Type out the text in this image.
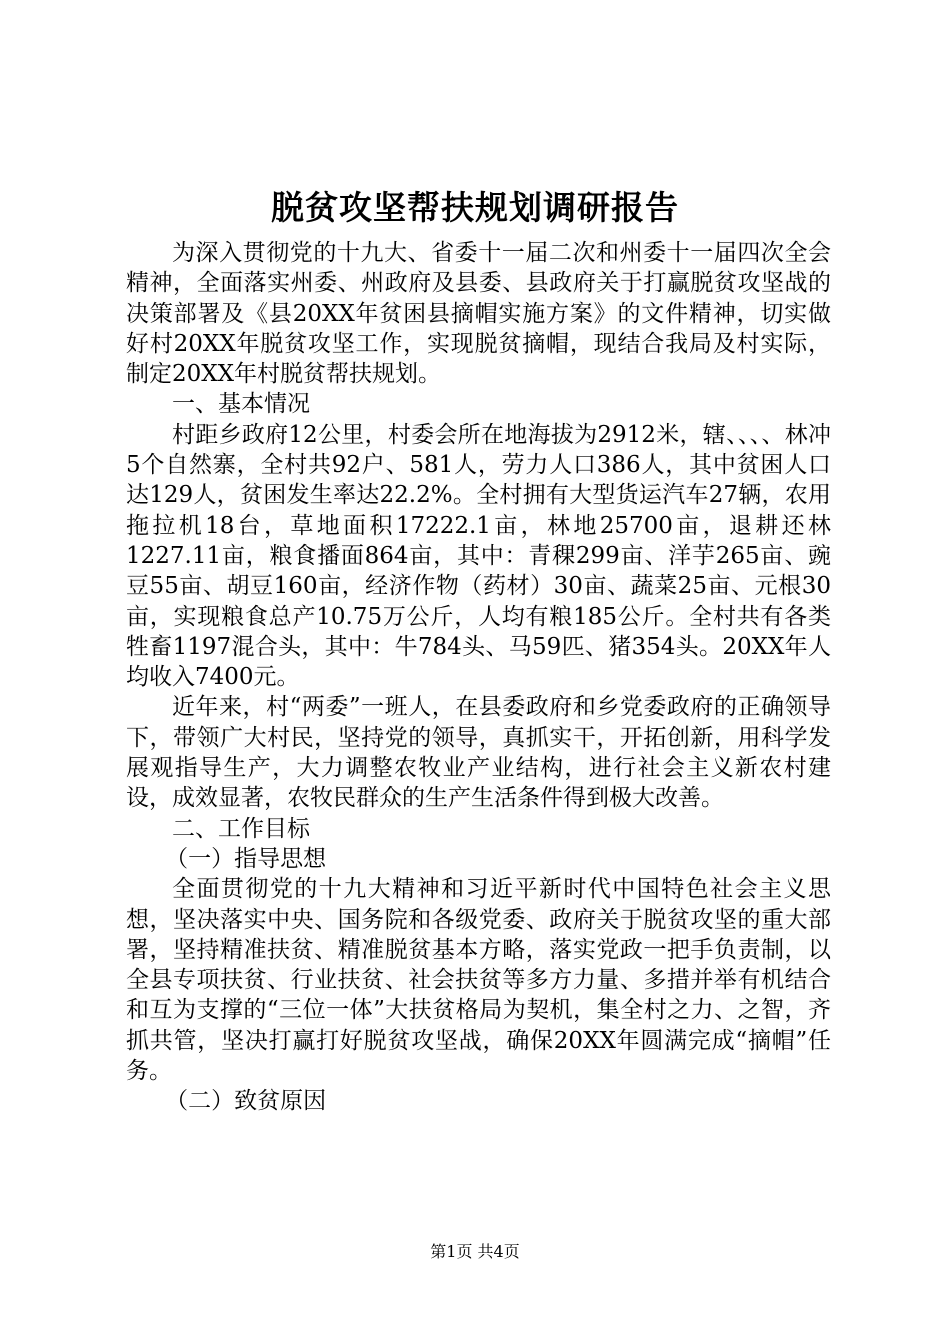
脱贫攻坚帮扶规划调研报告

为深入贯彻党的十九大、省委十一届二次和州委十一届四次全会精神，全面落实州委、州政府及县委、县政府关于打赢脱贫攻坚战的决策部署及《县20XX年贫困县摘帽实施方案》的文件精神，切实做好村20XX年脱贫攻坚工作，实现脱贫摘帽，现结合我局及村实际，制定20XX年村脱贫帮扶规划。

一、基本情况

村距乡政府12公里，村委会所在地海拔为2912米，辖、、、、林冲5个自然寨，全村共92户、581人，劳力人口386人，其中贫困人口达129人，贫困发生率达22.2%。全村拥有大型货运汽车27辆，农用拖拉机18台，草地面积17222.1亩，林地25700亩，退耕还林1227.11亩，粮食播面864亩，其中：青稞299亩、洋芋265亩、豌豆55亩、胡豆160亩，经济作物（药材）30亩、蔬菜25亩、元根30亩，实现粮食总产10.75万公斤，人均有粮185公斤。全村共有各类牲畜1197混合头，其中：牛784头、马59匹、猪354头。20XX年人均收入7400元。

近年来，村“两委”一班人，在县委政府和乡党委政府的正确领导下，带领广大村民，坚持党的领导，真抓实干，开拓创新，用科学发展观指导生产，大力调整农牧业产业结构，进行社会主义新农村建设，成效显著，农牧民群众的生产生活条件得到极大改善。

二、工作目标

（一）指导思想

全面贯彻党的十九大精神和习近平新时代中国特色社会主义思想，坚决落实中央、国务院和各级党委、政府关于脱贫攻坚的重大部署，坚持精准扶贫、精准脱贫基本方略，落实党政一把手负责制，以全县专项扶贫、行业扶贫、社会扶贫等多方力量、多措并举有机结合和互为支撑的“三位一体”大扶贫格局为契机，集全村之力、之智，齐抓共管，坚决打赢打好脱贫攻坚战，确保20XX年圆满完成“摘帽”任务。

（二）致贫原因

第1页 共4页
